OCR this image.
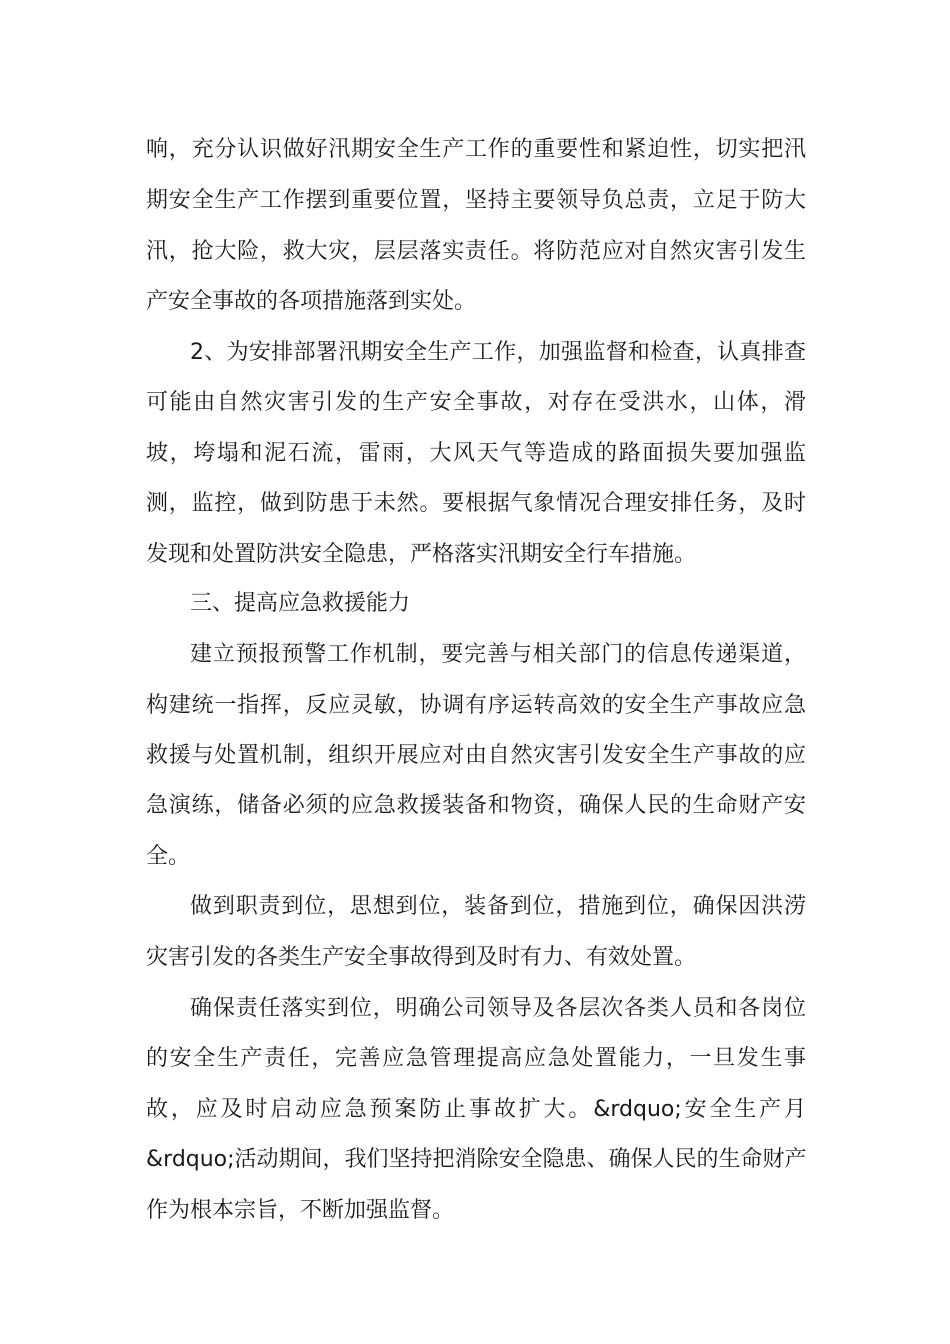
响，充分认识做好汛期安全生产工作的重要性和紧迫性，切实把汛
期安全生产工作摆到重要位置，坚持主要领导负总责，立足于防大
汛，抢大险，救大灾，层层落实责任。将防范应对自然灾害引发生
产安全事故的各项措施落到实处。
2、为安排部署汛期安全生产工作，加强监督和检查，认真排查
可能由自然灾害引发的生产安全事故，对存在受洪水，山体，滑
坡，垮塌和泥石流，雷雨，大风天气等造成的路面损失要加强监
测，监控，做到防患于未然。要根据气象情况合理安排任务，及时
发现和处置防洪安全隐患，严格落实汛期安全行车措施。
三、提高应急救援能力
建立预报预警工作机制，要完善与相关部门的信息传递渠道，
构建统一指挥，反应灵敏，协调有序运转高效的安全生产事故应急
救援与处置机制，组织开展应对由自然灾害引发安全生产事故的应
急演练，储备必须的应急救援装备和物资，确保人民的生命财产安
全。
做到职责到位，思想到位，装备到位，措施到位，确保因洪涝
灾害引发的各类生产安全事故得到及时有力、有效处置。
确保责任落实到位，明确公司领导及各层次各类人员和各岗位
的安全生产责任，完善应急管理提高应急处置能力，一旦发生事
故，应及时启动应急预案防止事故扩大。&rdquo;安全生产月
&rdquo;活动期间，我们坚持把消除安全隐患、确保人民的生命财产
作为根本宗旨，不断加强监督。
